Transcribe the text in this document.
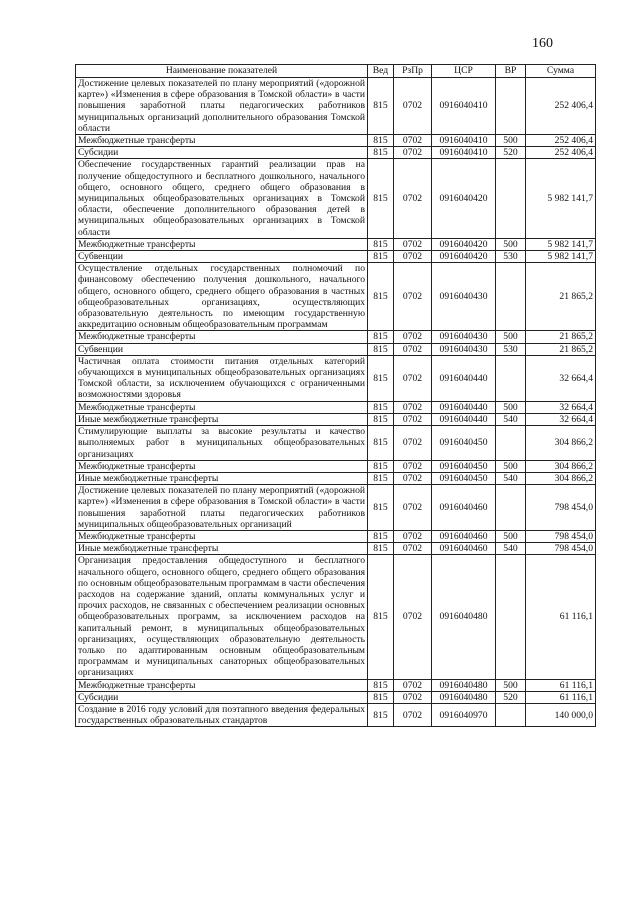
160
Наименование показателей	Вед	РзПр	ЦСР	ВР	Сумма
Достижение целевых показателей по плану мероприятий («дорожной карте») «Изменения в сфере образования в Томской области» в части повышения заработной платы педагогических работников муниципальных организаций дополнительного образования Томской области	815	0702	0916040410		252 406,4
Межбюджетные трансферты	815	0702	0916040410	500	252 406,4
Субсидии	815	0702	0916040410	520	252 406,4
Обеспечение государственных гарантий реализации прав на получение общедоступного и бесплатного дошкольного, начального общего, основного общего, среднего общего образования в муниципальных общеобразовательных организациях в Томской области, обеспечение дополнительного образования детей в муниципальных общеобразовательных организациях в Томской области	815	0702	0916040420		5 982 141,7
Межбюджетные трансферты	815	0702	0916040420	500	5 982 141,7
Субвенции	815	0702	0916040420	530	5 982 141,7
Осуществление отдельных государственных полномочий по финансовому обеспечению получения дошкольного, начального общего, основного общего, среднего общего образования в частных общеобразовательных организациях, осуществляющих образовательную деятельность по имеющим государственную аккредитацию основным общеобразовательным программам	815	0702	0916040430		21 865,2
Межбюджетные трансферты	815	0702	0916040430	500	21 865,2
Субвенции	815	0702	0916040430	530	21 865,2
Частичная оплата стоимости питания отдельных категорий обучающихся в муниципальных общеобразовательных организациях Томской области, за исключением обучающихся с ограниченными возможностями здоровья	815	0702	0916040440		32 664,4
Межбюджетные трансферты	815	0702	0916040440	500	32 664,4
Иные межбюджетные трансферты	815	0702	0916040440	540	32 664,4
Стимулирующие выплаты за высокие результаты и качество выполняемых работ в муниципальных общеобразовательных организациях	815	0702	0916040450		304 866,2
Межбюджетные трансферты	815	0702	0916040450	500	304 866,2
Иные межбюджетные трансферты	815	0702	0916040450	540	304 866,2
Достижение целевых показателей по плану мероприятий («дорожной карте») «Изменения в сфере образования в Томской области» в части повышения заработной платы педагогических работников муниципальных общеобразовательных организаций	815	0702	0916040460		798 454,0
Межбюджетные трансферты	815	0702	0916040460	500	798 454,0
Иные межбюджетные трансферты	815	0702	0916040460	540	798 454,0
Организация предоставления общедоступного и бесплатного начального общего, основного общего, среднего общего образования по основным общеобразовательным программам в части обеспечения расходов на содержание зданий, оплаты коммунальных услуг и прочих расходов, не связанных с обеспечением реализации основных общеобразовательных программ, за исключением расходов на капитальный ремонт, в муниципальных общеобразовательных организациях, осуществляющих образовательную деятельность только по адаптированным основным общеобразовательным программам и муниципальных санаторных общеобразовательных организациях	815	0702	0916040480		61 116,1
Межбюджетные трансферты	815	0702	0916040480	500	61 116,1
Субсидии	815	0702	0916040480	520	61 116,1
Создание в 2016 году условий для поэтапного введения федеральных государственных образовательных стандартов	815	0702	0916040970		140 000,0
